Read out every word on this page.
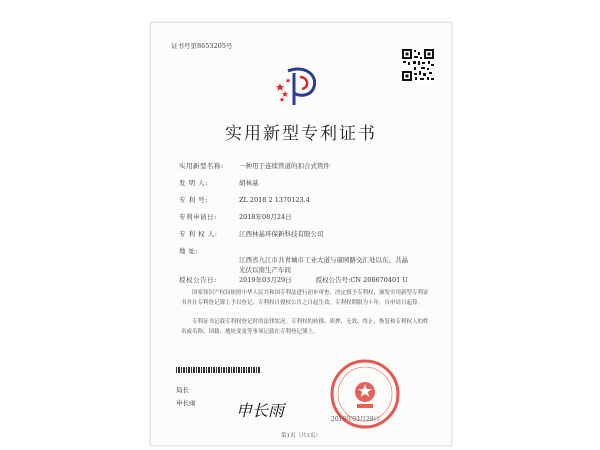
证书号第8653205号
实用新型专利证书
实用新型名称: 一种用于连续管道的扣合式管件
发 明 人:	胡林基
专 利 号:	ZL 2018 2 1370123.4
专利申请日:	2018年08月24日
专 利 权 人:	江西林基环保新科技有限公司
地 址:
江西省九江市共青城市工业大道与康园路交汇处以东、共晶光伏以南生产车间
授权公告日:	2019年03月29日	授权公告号:CN 208670401 U
国家知识产权局依照中华人民共和国专利法进行初步审查，决定授予专利权，颁发实用新型专利证书并在专利登记簿上予以登记。专利权自授权公告之日起生效。专利权期限为十年，自申请日起算。
专利证书记载专利权登记时的法律状况。专利权的转移、质押、无效、终止、恢复和专利权人的姓名或名称、国籍、地址变更等事项记载在专利登记簿上。
局长
申长雨	申长雨	2019年03月29日
第1页（共1页）
